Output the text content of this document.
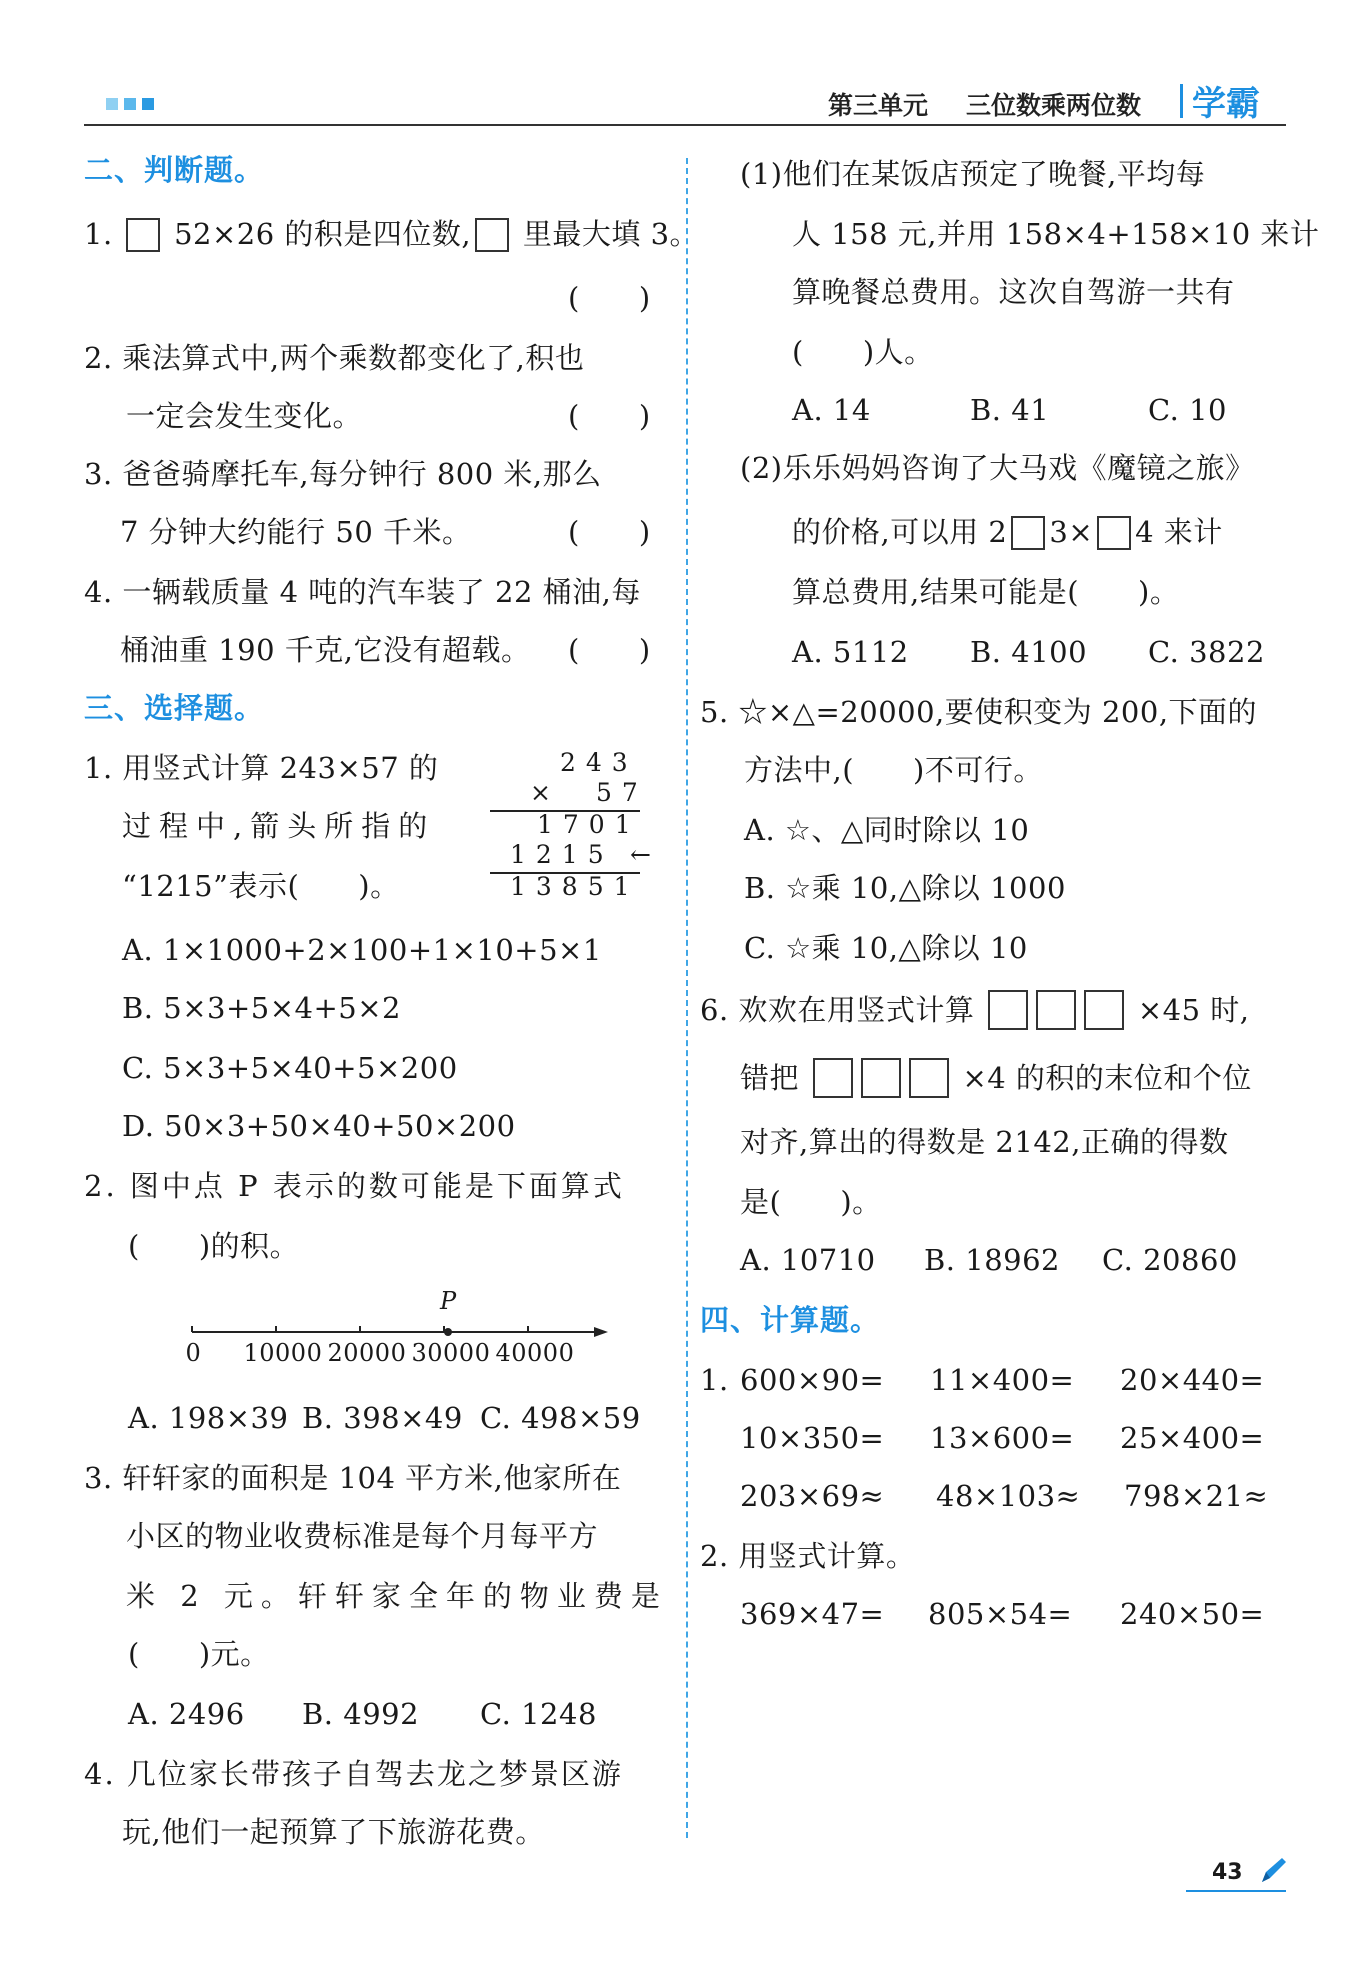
第三单元 三位数乘两位数 学霸
二、判断题。
1. 52×26 的积是四位数, 里最大填 3。
(　　)
2. 乘法算式中,两个乘数都变化了,积也
一定会发生变化。	(　　)
3. 爸爸骑摩托车,每分钟行 800 米,那么
7 分钟大约能行 50 千米。	(　　)
4. 一辆载质量 4 吨的汽车装了 22 桶油,每
桶油重 190 千克,它没有超载。 (　　)
三、选择题。
1. 用竖式计算 243×57 的
过程中,箭头所指的
“1215”表示(　　)。
243
×　57
1701
1215 ←
13851
A. 1×1000+2×100+1×10+5×1
B. 5×3+5×4+5×2
C. 5×3+5×40+5×200
D. 50×3+50×40+50×200
2. 图中点 P 表示的数可能是下面算式
(　　)的积。
P
0 10000 20000 30000 40000
A. 198×39 B. 398×49 C. 498×59
3. 轩轩家的面积是 104 平方米,他家所在
小区的物业收费标准是每个月每平方
米 2 元。轩轩家全年的物业费是
(　　)元。
A. 2496 B. 4992 C. 1248
4. 几位家长带孩子自驾去龙之梦景区游
玩,他们一起预算了下旅游花费。
(1)他们在某饭店预定了晚餐,平均每
人 158 元,并用 158×4+158×10 来计
算晚餐总费用。这次自驾游一共有
(　　)人。
A. 14	B. 41	C. 10
(2)乐乐妈妈咨询了大马戏《魔镜之旅》
的价格,可以用 2 3× 4 来计
算总费用,结果可能是(　　)。
A. 5112 B. 4100 C. 3822
5. ☆×△=20000,要使积变为 200,下面的
方法中,(　　)不可行。
A. ☆、△同时除以 10
B. ☆乘 10,△除以 1000
C. ☆乘 10,△除以 10
6. 欢欢在用竖式计算	×45 时,
错把	×4 的积的末位和个位
对齐,算出的得数是 2142,正确的得数
是(　　)。
A. 10710 B. 18962 C. 20860
四、计算题。
1. 600×90= 11×400= 20×440=
10×350= 13×600= 25×400=
203×69≈ 48×103≈ 798×21≈
2. 用竖式计算。
369×47= 805×54= 240×50=
43
